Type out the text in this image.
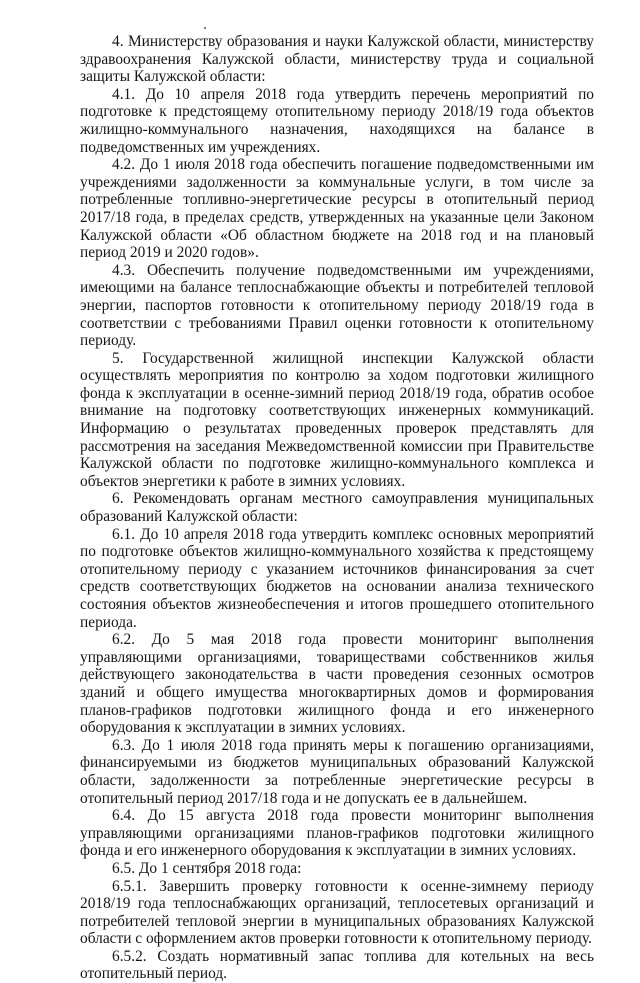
4. Министерству образования и науки Калужской области, министерству здравоохранения Калужской области, министерству труда и социальной защиты Калужской области:

4.1. До 10 апреля 2018 года утвердить перечень мероприятий по подготовке к предстоящему отопительному периоду 2018/19 года объектов жилищно-коммунального назначения, находящихся на балансе в подведомственных им учреждениях.

4.2. До 1 июля 2018 года обеспечить погашение подведомственными им учреждениями задолженности за коммунальные услуги, в том числе за потребленные топливно-энергетические ресурсы в отопительный период 2017/18 года, в пределах средств, утвержденных на указанные цели Законом Калужской области «Об областном бюджете на 2018 год и на плановый период 2019 и 2020 годов».

4.3. Обеспечить получение подведомственными им учреждениями, имеющими на балансе теплоснабжающие объекты и потребителей тепловой энергии, паспортов готовности к отопительному периоду 2018/19 года в соответствии с требованиями Правил оценки готовности к отопительному периоду.

5. Государственной жилищной инспекции Калужской области осуществлять мероприятия по контролю за ходом подготовки жилищного фонда к эксплуатации в осенне-зимний период 2018/19 года, обратив особое внимание на подготовку соответствующих инженерных коммуникаций. Информацию о результатах проведенных проверок представлять для рассмотрения на заседания Межведомственной комиссии при Правительстве Калужской области по подготовке жилищно-коммунального комплекса и объектов энергетики к работе в зимних условиях.

6. Рекомендовать органам местного самоуправления муниципальных образований Калужской области:

6.1. До 10 апреля 2018 года утвердить комплекс основных мероприятий по подготовке объектов жилищно-коммунального хозяйства к предстоящему отопительному периоду с указанием источников финансирования за счет средств соответствующих бюджетов на основании анализа технического состояния объектов жизнеобеспечения и итогов прошедшего отопительного периода.

6.2. До 5 мая 2018 года провести мониторинг выполнения управляющими организациями, товариществами собственников жилья действующего законодательства в части проведения сезонных осмотров зданий и общего имущества многоквартирных домов и формирования планов-графиков подготовки жилищного фонда и его инженерного оборудования к эксплуатации в зимних условиях.

6.3. До 1 июля 2018 года принять меры к погашению организациями, финансируемыми из бюджетов муниципальных образований Калужской области, задолженности за потребленные энергетические ресурсы в отопительный период 2017/18 года и не допускать ее в дальнейшем.

6.4. До 15 августа 2018 года провести мониторинг выполнения управляющими организациями планов-графиков подготовки жилищного фонда и его инженерного оборудования к эксплуатации в зимних условиях.

6.5. До 1 сентября 2018 года:

6.5.1. Завершить проверку готовности к осенне-зимнему периоду 2018/19 года теплоснабжающих организаций, теплосетевых организаций и потребителей тепловой энергии в муниципальных образованиях Калужской области с оформлением актов проверки готовности к отопительному периоду.

6.5.2. Создать нормативный запас топлива для котельных на весь отопительный период.
